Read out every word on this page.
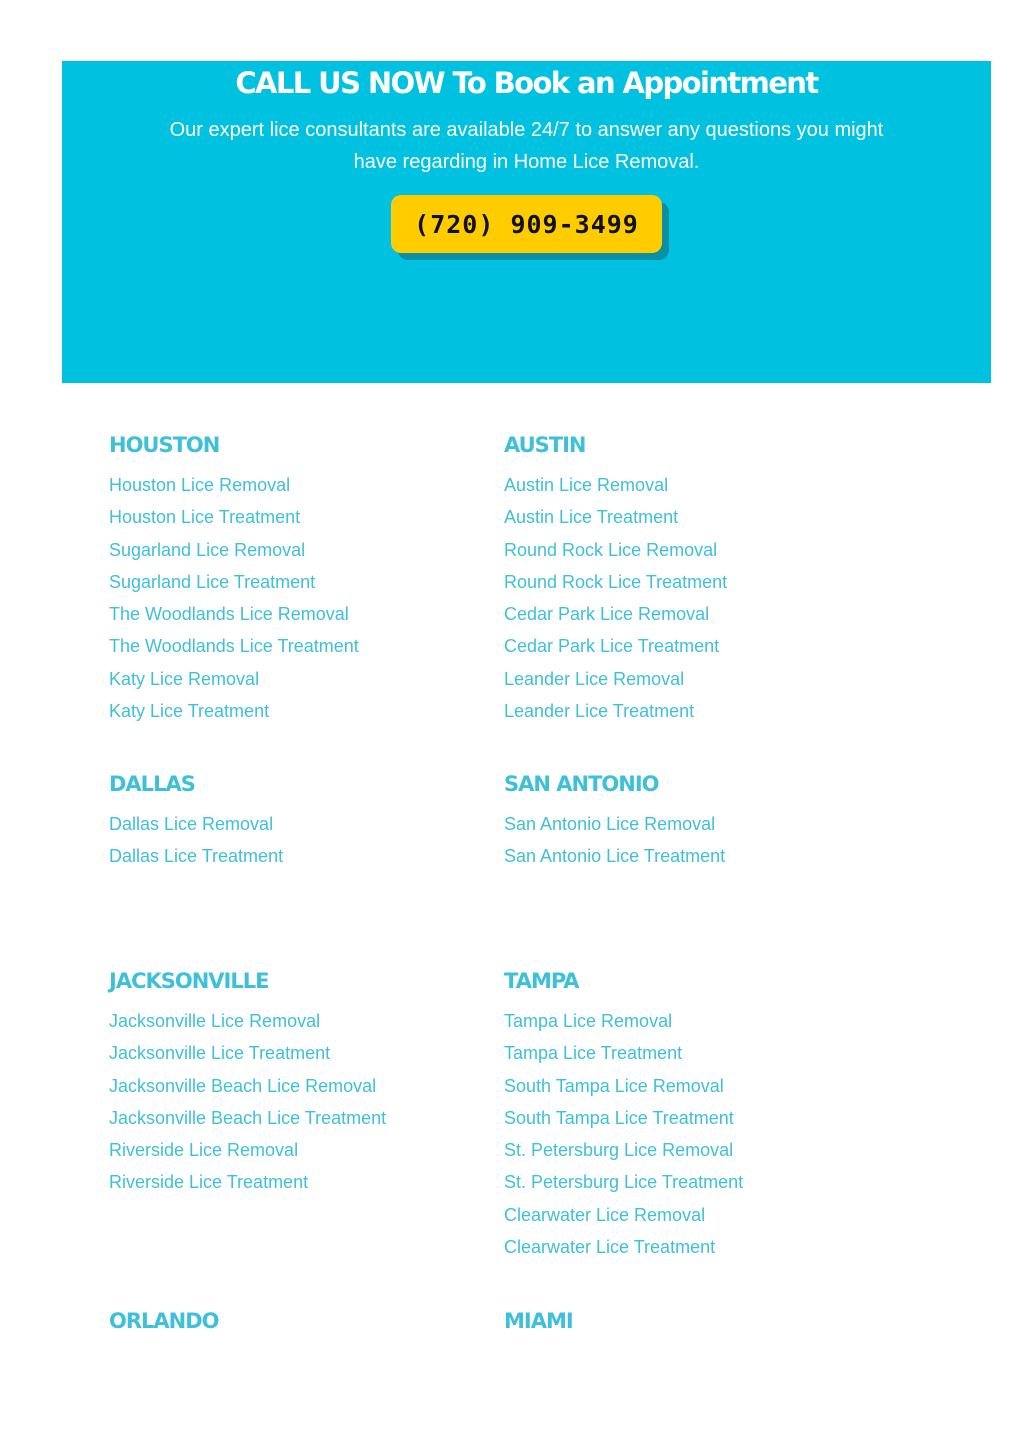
CALL US NOW To Book an Appointment

Our expert lice consultants are available 24/7 to answer any questions you might have regarding in Home Lice Removal.

(720) 909-3499
HOUSTON
Houston Lice Removal
Houston Lice Treatment
Sugarland Lice Removal
Sugarland Lice Treatment
The Woodlands Lice Removal
The Woodlands Lice Treatment
Katy Lice Removal
Katy Lice Treatment
AUSTIN
Austin Lice Removal
Austin Lice Treatment
Round Rock Lice Removal
Round Rock Lice Treatment
Cedar Park Lice Removal
Cedar Park Lice Treatment
Leander Lice Removal
Leander Lice Treatment
DALLAS
Dallas Lice Removal
Dallas Lice Treatment
SAN ANTONIO
San Antonio Lice Removal
San Antonio Lice Treatment
JACKSONVILLE
Jacksonville Lice Removal
Jacksonville Lice Treatment
Jacksonville Beach Lice Removal
Jacksonville Beach Lice Treatment
Riverside Lice Removal
Riverside Lice Treatment
TAMPA
Tampa Lice Removal
Tampa Lice Treatment
South Tampa Lice Removal
South Tampa Lice Treatment
St. Petersburg Lice Removal
St. Petersburg Lice Treatment
Clearwater Lice Removal
Clearwater Lice Treatment
ORLANDO	MIAMI
